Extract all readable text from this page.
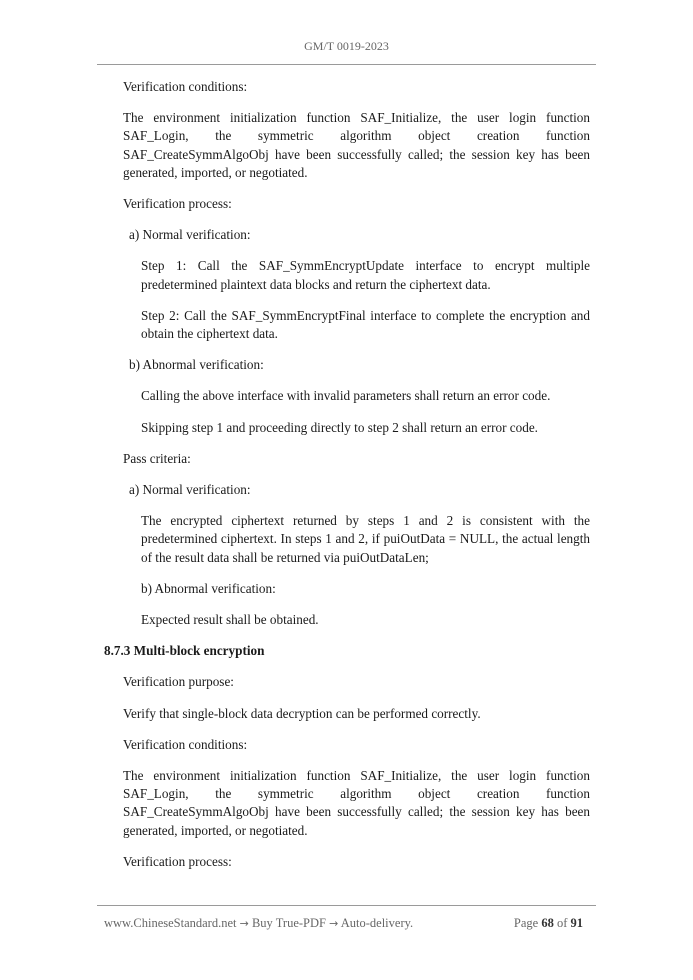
GM/T 0019-2023

Verification conditions:

The environment initialization function SAF_Initialize, the user login function SAF_Login, the symmetric algorithm object creation function SAF_CreateSymmAlgoObj have been successfully called; the session key has been generated, imported, or negotiated.

Verification process:

a) Normal verification:

Step 1: Call the SAF_SymmEncryptUpdate interface to encrypt multiple predetermined plaintext data blocks and return the ciphertext data.

Step 2: Call the SAF_SymmEncryptFinal interface to complete the encryption and obtain the ciphertext data.

b) Abnormal verification:

Calling the above interface with invalid parameters shall return an error code.

Skipping step 1 and proceeding directly to step 2 shall return an error code.

Pass criteria:

a) Normal verification:

The encrypted ciphertext returned by steps 1 and 2 is consistent with the predetermined ciphertext. In steps 1 and 2, if puiOutData = NULL, the actual length of the result data shall be returned via puiOutDataLen;

b) Abnormal verification:

Expected result shall be obtained.

8.7.3 Multi-block encryption

Verification purpose:

Verify that single-block data decryption can be performed correctly.

Verification conditions:

The environment initialization function SAF_Initialize, the user login function SAF_Login, the symmetric algorithm object creation function SAF_CreateSymmAlgoObj have been successfully called; the session key has been generated, imported, or negotiated.

Verification process:

www.ChineseStandard.net → Buy True-PDF → Auto-delivery.	Page 68 of 91
